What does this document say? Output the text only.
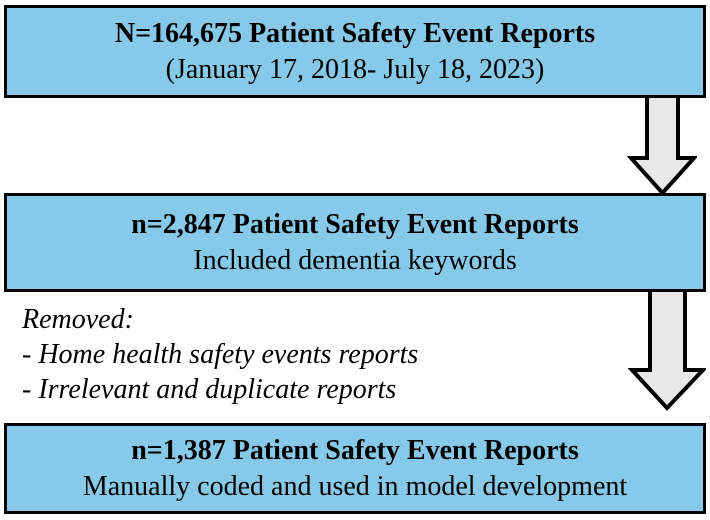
N=164,675 Patient Safety Event Reports
(January 17, 2018- July 18, 2023)
n=2,847 Patient Safety Event Reports
Included dementia keywords
Removed:
- Home health safety events reports
- Irrelevant and duplicate reports
n=1,387 Patient Safety Event Reports
Manually coded and used in model development
